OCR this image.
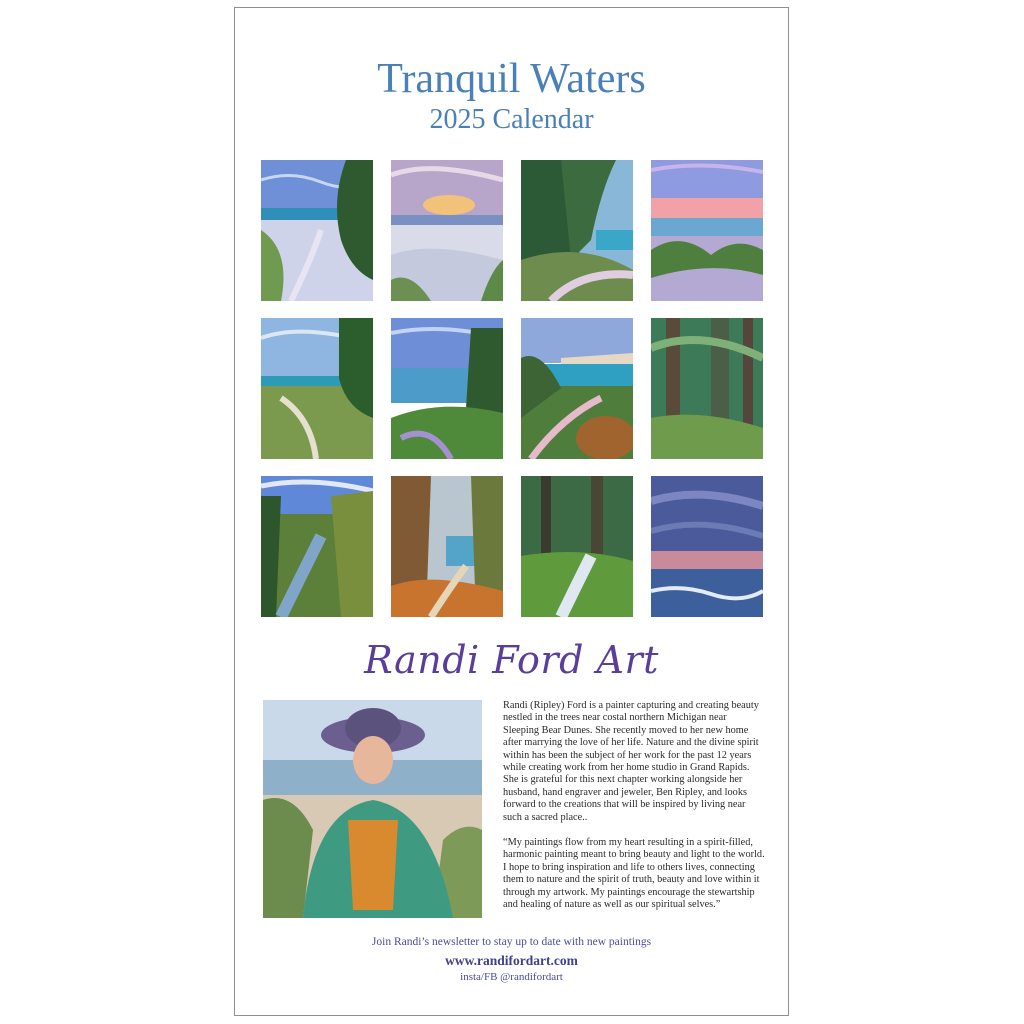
Tranquil Waters
2025 Calendar
Randi Ford Art

Randi (Ripley) Ford is a painter capturing and creating beauty nestled in the trees near costal northern Michigan near Sleeping Bear Dunes. She recently moved to her new home after marrying the love of her life. Nature and the divine spirit within has been the subject of her work for the past 12 years while creating work from her home studio in Grand Rapids. She is grateful for this next chapter working alongside her husband, hand engraver and jeweler, Ben Ripley, and looks forward to the creations that will be inspired by living near such a sacred place..

“My paintings flow from my heart resulting in a spirit-filled, harmonic painting meant to bring beauty and light to the world. I hope to bring inspiration and life to others lives, connecting them to nature and the spirit of truth, beauty and love within it through my artwork. My paintings encourage the stewartship and healing of nature as well as our spiritual selves.”

Join Randi’s newsletter to stay up to date with new paintings
www.randifordart.com
insta/FB @randifordart
